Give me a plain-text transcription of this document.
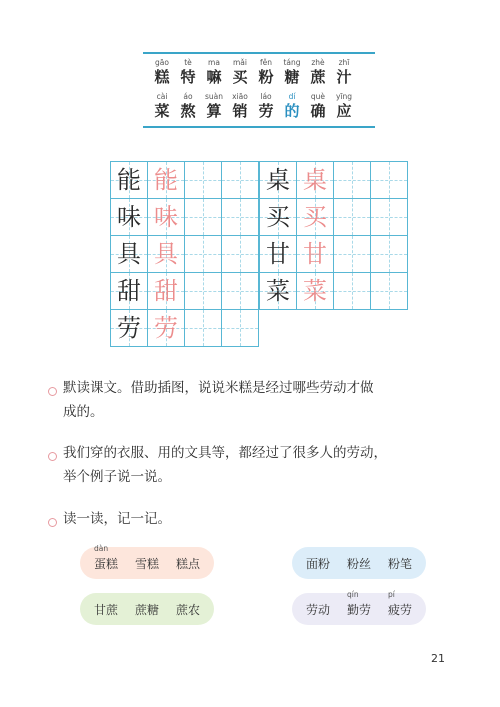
gāo
糕
tè
特
ma
嘛
mǎi
买
fěn
粉
táng
糖
zhè
蔗
zhī
汁
cài
菜
áo
熬
suàn
算
xiāo
销
láo
劳
dí
的
què
确
yīng
应
能 能
味 味
具 具
甜 甜
劳 劳
桌 桌
买 买
甘 甘
菜 菜
默读课文。借助插图，说说米糕是经过哪些劳动才做
成的。
我们穿的衣服、用的文具等，都经过了很多人的劳动，
举个例子说一说。
读一读，记一记。
dàn
蛋糕 雪糕 糕点	面粉 粉丝 粉笔
甘蔗 蔗糖 蔗农	劳动
qín
勤劳
pí
疲劳
21
